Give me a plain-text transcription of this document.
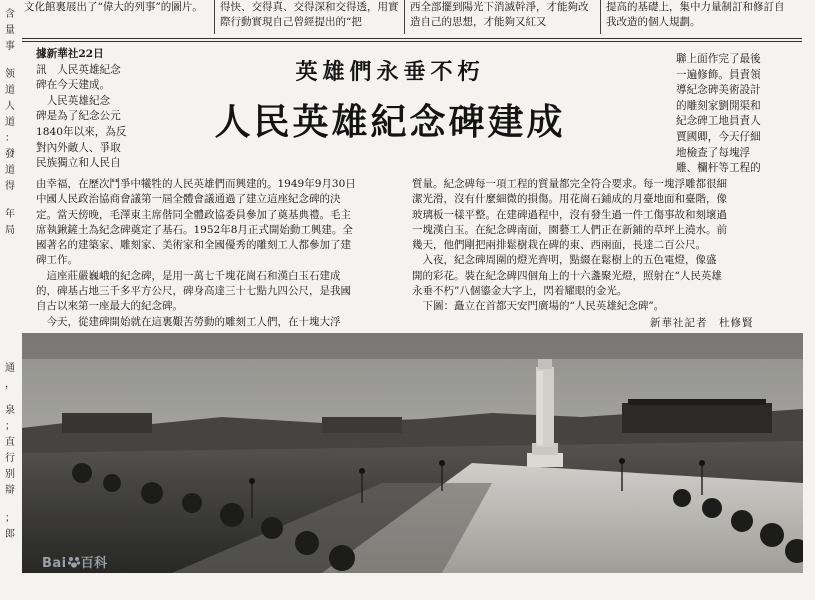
含
量
事
领
道
人
道
：
發
道
得
年
局
通
，
泉
；
直
行
别
辯
；
郎
文化館裏展出了“偉大的列事”的圖片。	得快、交得真、交得深和交得透，用實際行動實現自己曾經提出的“把
西全部擺到陽光下消滅幹淨，才能夠改造自己的思想，才能夠又紅又
提高的基礎上，集中力量制訂和修訂自我改造的個人規劃。
據新華社22日
訊　人民英雄紀念
碑在今天建成。
　人民英雄紀念
碑是為了紀念公元
1840年以來，為反
對內外敵人、爭取
民族獨立和人民自
英雄們永垂不朽
人民英雄紀念碑建成
聯上面作完了最後
一遍修飾。員責領
導紀念碑美術設計
的雕刻家劉開渠和
紀念碑工地員責人
賈國卿，今天仔細
地檢查了每塊浮
雕、欄杆等工程的
由幸福，在歷次鬥爭中犧牲的人民英雄們而興建的。1949年9月30日
中國人民政治協商會議第一屆全體會議通過了建立這座紀念碑的決
定。當天傍晚，毛澤東主席偕同全體政協委員參加了奠基典禮。毛主
席執鍬鏟土為紀念碑奠定了基石。1952年8月正式開始動工興建。全
國著名的建築家、雕刻家、美術家和全國優秀的雕刻工人都參加了建
碑工作。
　這座莊嚴巍峨的紀念碑，是用一萬七千塊花崗石和漢白玉石建成
的，碑基占地三千多平方公尺，碑身高達三十七點九四公尺，是我國
自古以來第一座最大的紀念碑。
　今天，從建碑開始就在這裏艱苦勞動的雕刻工人們，在十塊大浮
質量。紀念碑每一項工程的質量都完全符合要求。每一塊浮雕都很細
潔光滑，沒有什麼細微的損傷。用花崗石鋪成的月臺地面和臺階，像
玻璃板一樣平整。在建碑過程中，沒有發生過一件工傷事故和刻壞過
一塊漢白玉。在紀念碑南面，園藝工人們正在新鋪的草坪上澆水。前
幾天，他們剛把兩排鬆樹栽在碑的東、西兩面，長達二百公尺。
　入夜，紀念碑周圍的燈光齊明，點綴在鬆樹上的五色電燈，像盛
開的彩花。裝在紀念碑四個角上的十六盞聚光燈，照射在“人民英雄
永垂不朽”八個鎏金大字上，閃着耀眼的金光。
　下圖：矗立在首都天安門廣場的“人民英雄紀念碑”。
新華社記者　杜修賢
Bai 百科
